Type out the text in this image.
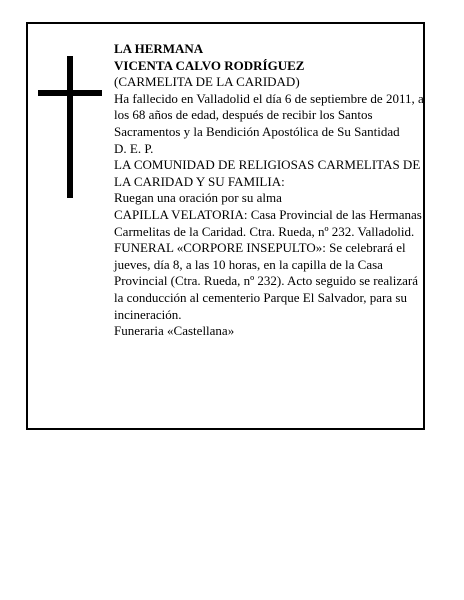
LA HERMANA

VICENTA CALVO RODRÍGUEZ

(CARMELITA DE LA CARIDAD)

Ha fallecido en Valladolid el día 6 de septiembre de 2011, a los 68 años de edad, después de recibir los Santos Sacramentos y la Bendición Apostólica de Su Santidad

D. E. P.

LA COMUNIDAD DE RELIGIOSAS CARMELITAS DE LA CARIDAD Y SU FAMILIA:

Ruegan una oración por su alma

CAPILLA VELATORIA: Casa Provincial de las Hermanas Carmelitas de la Caridad. Ctra. Rueda, nº 232. Valladolid.

FUNERAL «CORPORE INSEPULTO»: Se celebrará el jueves, día 8, a las 10 horas, en la capilla de la Casa Provincial (Ctra. Rueda, nº 232). Acto seguido se realizará la conducción al cementerio Parque El Salvador, para su incineración.

Funeraria «Castellana»
